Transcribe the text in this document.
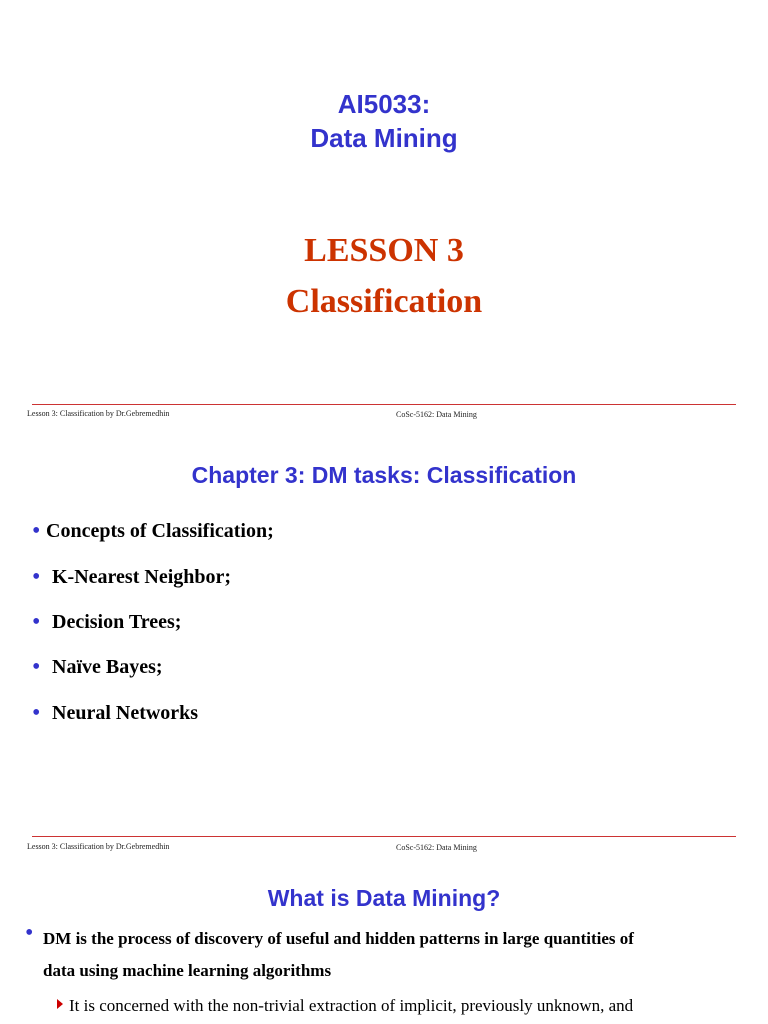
AI5033:
Data Mining
LESSON 3
Classification
Lesson 3: Classification by Dr.Gebremedhin	CoSc-5162: Data Mining
Chapter 3: DM tasks: Classification
• Concepts of Classification;
• K-Nearest Neighbor;
• Decision Trees;
• Naïve Bayes;
• Neural Networks
Lesson 3: Classification by Dr.Gebremedhin	CoSc-5162: Data Mining
What is Data Mining?
• DM is the process of discovery of useful and hidden patterns in large quantities of
data using machine learning algorithms
It is concerned with the non-trivial extraction of implicit, previously unknown, and
